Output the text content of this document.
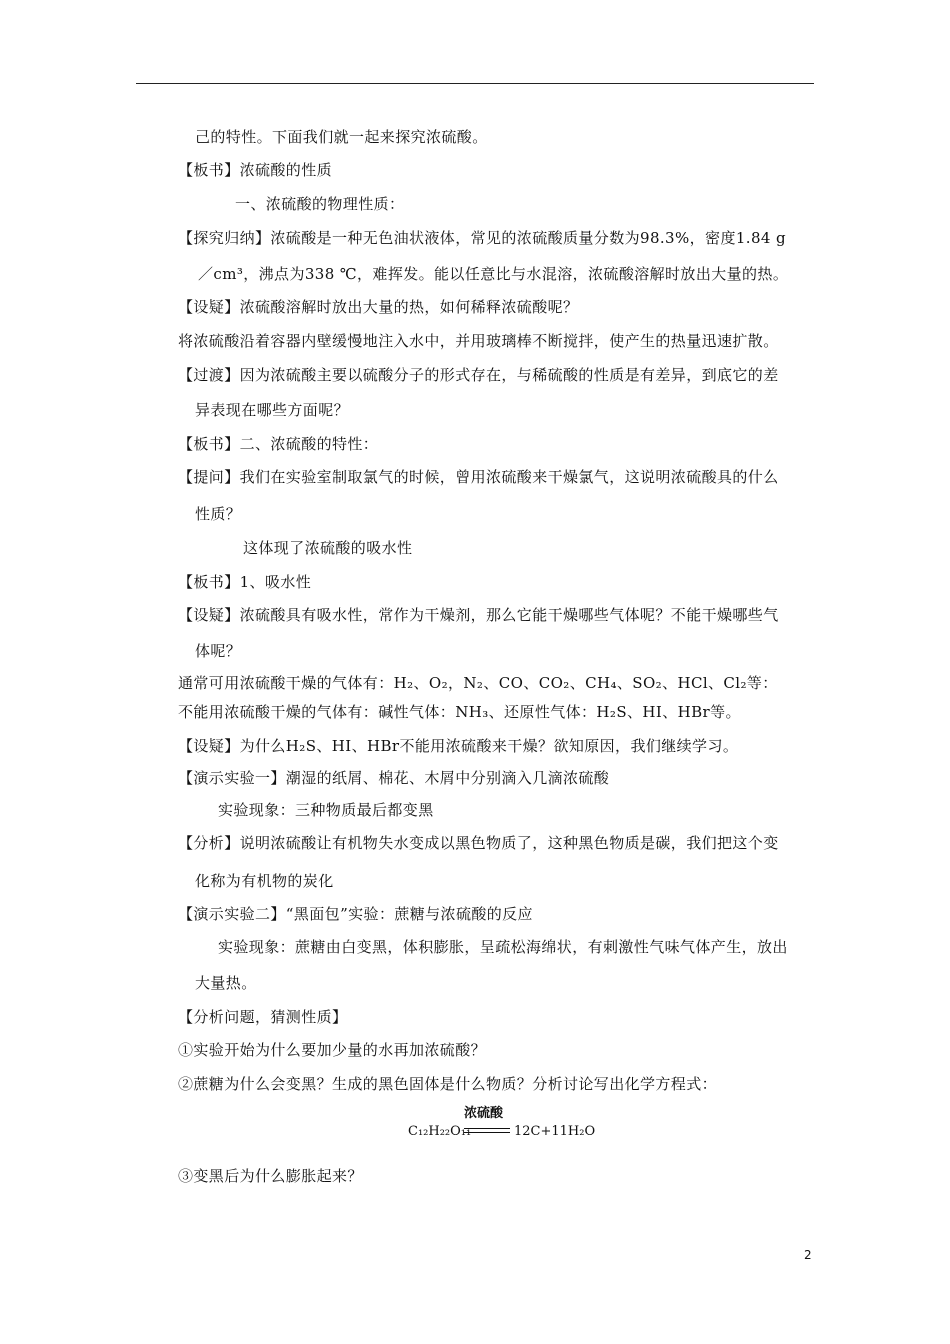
己的特性。下面我们就一起来探究浓硫酸。
【板书】浓硫酸的性质
一、浓硫酸的物理性质：
【探究归纳】浓硫酸是一种无色油状液体，常见的浓硫酸质量分数为98.3%，密度1.84 g
／cm³，沸点为338 ℃，难挥发。能以任意比与水混溶，浓硫酸溶解时放出大量的热。
【设疑】浓硫酸溶解时放出大量的热，如何稀释浓硫酸呢？
将浓硫酸沿着容器内壁缓慢地注入水中，并用玻璃棒不断搅拌，使产生的热量迅速扩散。
【过渡】因为浓硫酸主要以硫酸分子的形式存在，与稀硫酸的性质是有差异，到底它的差
异表现在哪些方面呢？
【板书】二、浓硫酸的特性：
【提问】我们在实验室制取氯气的时候，曾用浓硫酸来干燥氯气，这说明浓硫酸具的什么
性质？
这体现了浓硫酸的吸水性
【板书】1、吸水性
【设疑】浓硫酸具有吸水性，常作为干燥剂，那么它能干燥哪些气体呢？不能干燥哪些气
体呢？
通常可用浓硫酸干燥的气体有：H₂、O₂，N₂、CO、CO₂、CH₄、SO₂、HCl、Cl₂等：
不能用浓硫酸干燥的气体有：碱性气体：NH₃、还原性气体：H₂S、HI、HBr等。
【设疑】为什么H₂S、HI、HBr不能用浓硫酸来干燥？欲知原因，我们继续学习。
【演示实验一】潮湿的纸屑、棉花、木屑中分别滴入几滴浓硫酸
实验现象：三种物质最后都变黑
【分析】说明浓硫酸让有机物失水变成以黑色物质了，这种黑色物质是碳，我们把这个变
化称为有机物的炭化
【演示实验二】“黑面包”实验：蔗糖与浓硫酸的反应
实验现象：蔗糖由白变黑，体积膨胀，呈疏松海绵状，有刺激性气味气体产生，放出
大量热。
【分析问题，猜测性质】
①实验开始为什么要加少量的水再加浓硫酸？
②蔗糖为什么会变黑？生成的黑色固体是什么物质？分析讨论写出化学方程式：
C₁₂H₂₂O₁₁
浓硫酸
12C+11H₂O
③变黑后为什么膨胀起来？
2
